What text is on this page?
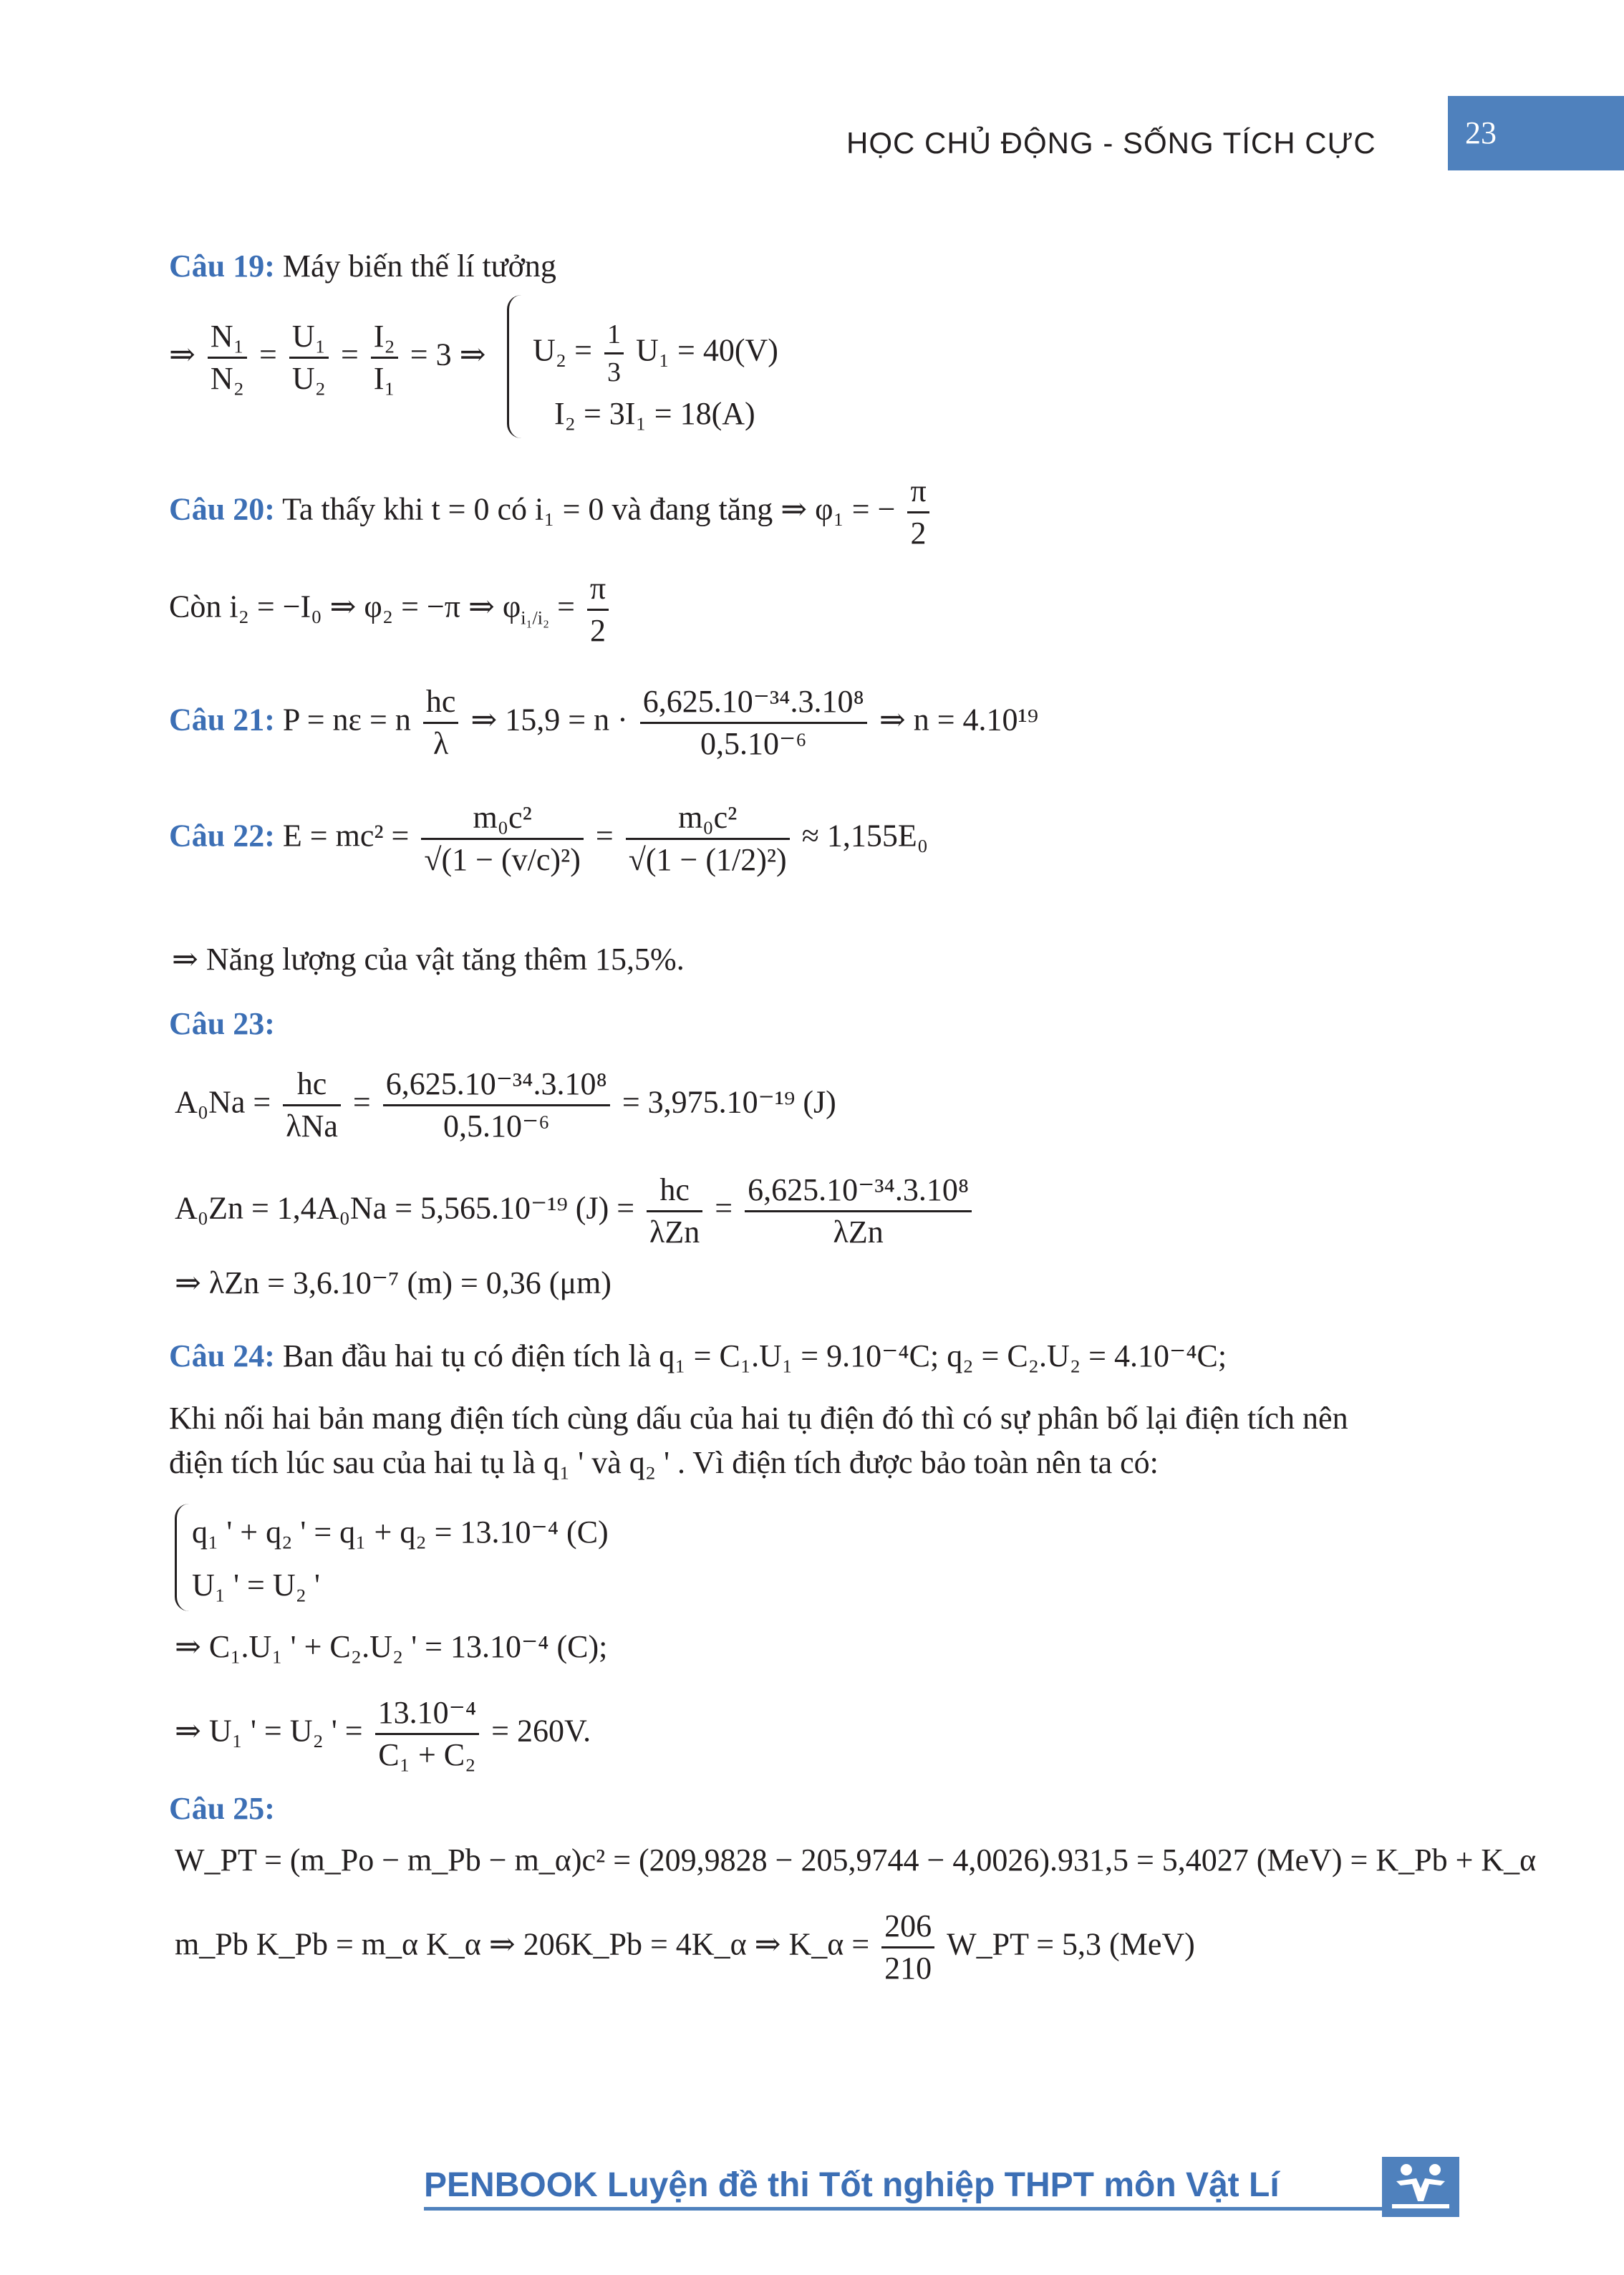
HỌC CHỦ ĐỘNG - SỐNG TÍCH CỰC	23
Câu 19: Máy biến thế lí tưởng
⇒ $\frac{\text{N₁}}{\text{N₂}} = \frac{\text{U₁}}{\text{U₂}} = \frac{\text{I₂}}{\text{I₁}} = 3$ ⇒ $U_2 = \frac{1}{3} U_1 = 40(V)$
I₂ = 3I₁ = 18(A)
Câu 20: Ta thấy khi t = 0 có i₁ = 0 và đang tăng ⇒ φ₁ = − $\frac{\pi}{2}$
Còn i₂ = −I₀ ⇒ φ₂ = −π ⇒ $\varphi_{i_1/i_2} = \frac{\pi}{2}$
Câu 21: P = nε = n $\frac{hc}{\lambda}$ ⇒ $15,9 = n \cdot \frac{\text{6,625.10⁻³⁴.3.10⁸}}{\text{0,5.10⁻⁶}}$ ⇒ n = 4.10¹⁹
Câu 22: $E = mc^2 = \frac{\text{m₀c²}}{\text{√(1 − (v/c)²)}} = \frac{\text{m₀c²}}{\text{√(1 − (1/2)²)}} \approx 1,155E_0$
⇒ Năng lượng của vật tăng thêm 15,5%.
Câu 23:
$A_0Na = \frac{hc}{\text{λNa}} = \frac{\text{6,625.10⁻³⁴.3.10⁸}}{\text{0,5.10⁻⁶}} = 3,975.10^{-19}$ (J)
A₀Zn = 1,4A₀Na = 5,565.10⁻¹⁹ $(J) = \frac{hc}{\text{λZn}} = \frac{\text{6,625.10⁻³⁴.3.10⁸}}{\text{λZn}}$
⇒ λZn = 3,6.10⁻⁷ (m) = 0,36 (μm)
Câu 24: Ban đầu hai tụ có điện tích là q₁ = C₁.U₁ = 9.10⁻⁴C; q₂ = C₂.U₂ = 4.10⁻⁴C;
Khi nối hai bản mang điện tích cùng dấu của hai tụ điện đó thì có sự phân bố lại điện tích nên
điện tích lúc sau của hai tụ là q₁ ' và q₂ ' . Vì điện tích được bảo toàn nên ta có:
q₁ ' + q₂ ' = q₁ + q₂ = 13.10⁻⁴ (C)
U₁ ' = U₂ '
⇒ C₁.U₁ ' + C₂.U₂ ' = 13.10⁻⁴ (C);
⇒ U₁ ' = U₂ ' = $\frac{\text{13.10⁻⁴}}{\text{C₁ + C₂}} = 260V$.
Câu 25:
W_PT = (m_Po − m_Pb − m_α)c² = (209,9828 − 205,9744 − 4,0026).931,5 = 5,4027 (MeV) = K_Pb + K_α
m_Pb K_Pb = m_α K_α ⇒ 206K_Pb = 4K_α ⇒ K_α = $\frac{206}{210}$ W_PT = 5,3 (MeV)
PENBOOK Luyện đề thi Tốt nghiệp THPT môn Vật Lí
